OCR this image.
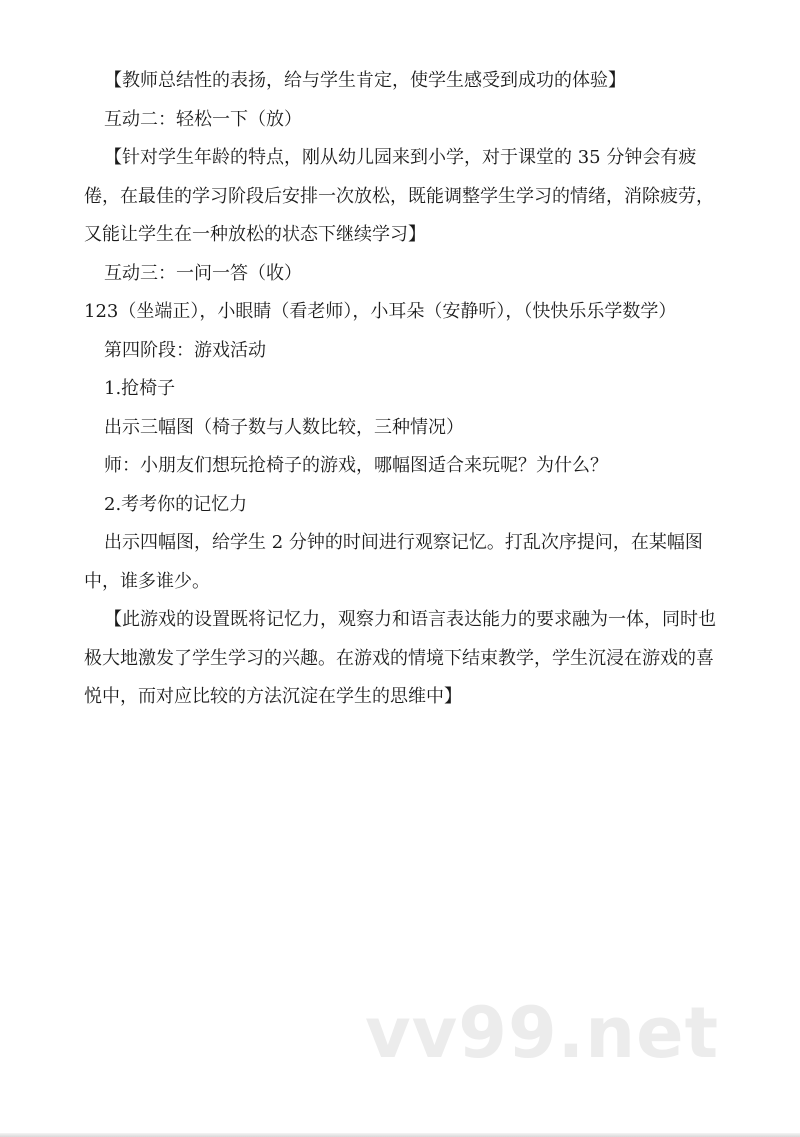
【教师总结性的表扬，给与学生肯定，使学生感受到成功的体验】

互动二：轻松一下（放）

【针对学生年龄的特点，刚从幼儿园来到小学，对于课堂的 35 分钟会有疲倦，在最佳的学习阶段后安排一次放松，既能调整学生学习的情绪，消除疲劳，又能让学生在一种放松的状态下继续学习】

互动三：一问一答（收）

123（坐端正），小眼睛（看老师），小耳朵（安静听），（快快乐乐学数学）

第四阶段：游戏活动

1.抢椅子

出示三幅图（椅子数与人数比较，三种情况）

师：小朋友们想玩抢椅子的游戏，哪幅图适合来玩呢？为什么？

2.考考你的记忆力

出示四幅图，给学生 2 分钟的时间进行观察记忆。打乱次序提问，在某幅图中，谁多谁少。

【此游戏的设置既将记忆力，观察力和语言表达能力的要求融为一体，同时也极大地激发了学生学习的兴趣。在游戏的情境下结束教学，学生沉浸在游戏的喜悦中，而对应比较的方法沉淀在学生的思维中】

vv99.net
